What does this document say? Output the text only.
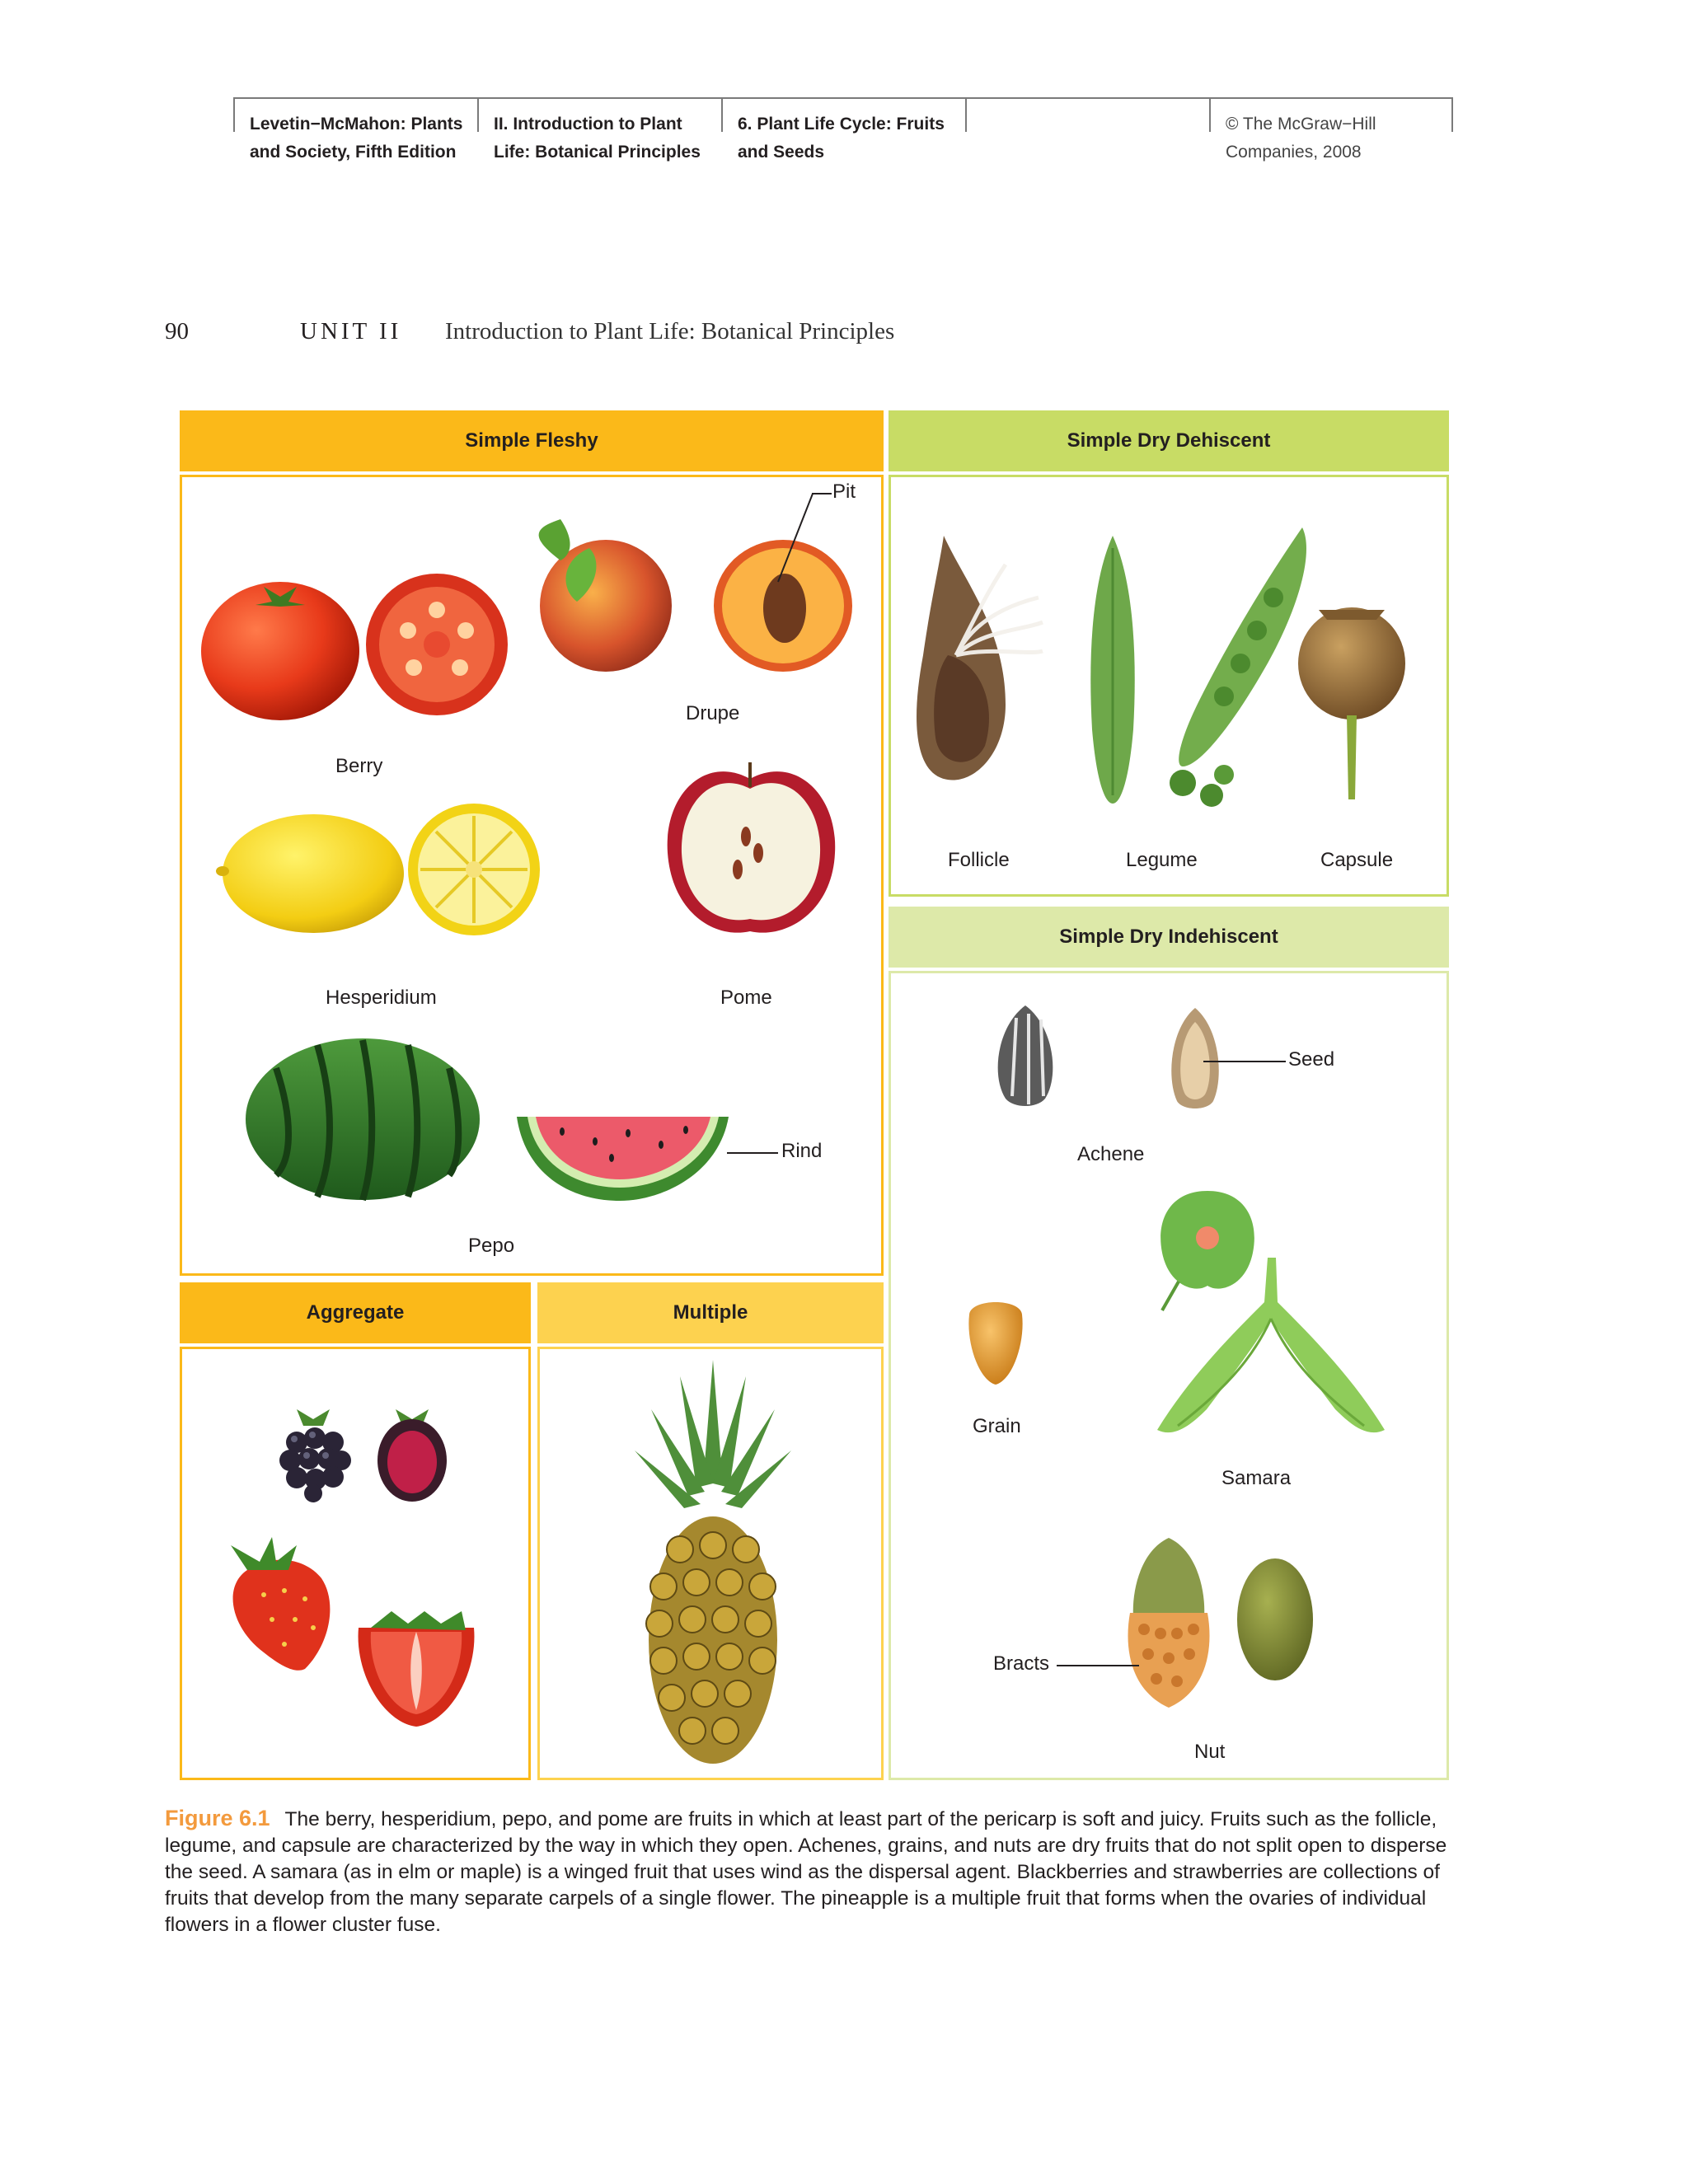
Levetin−McMahon: Plants
and Society, Fifth Edition
II. Introduction to Plant
Life: Botanical Principles
6. Plant Life Cycle: Fruits
and Seeds
© The McGraw−Hill
Companies, 2008
90	UNIT II Introduction to Plant Life: Botanical Principles
Simple Fleshy
Pit
Drupe
Berry
Hesperidium	Pome
Rind
Pepo
Simple Dry Dehiscent
Follicle	Legume	Capsule
Simple Dry Indehiscent
Seed
Achene
Grain
Samara
Bracts
Nut
Aggregate	Multiple
Figure 6.1 The berry, hesperidium, pepo, and pome are fruits in which at least part of the pericarp is soft and juicy. Fruits such as the follicle, legume, and capsule are characterized by the way in which they open. Achenes, grains, and nuts are dry fruits that do not split open to disperse the seed. A samara (as in elm or maple) is a winged fruit that uses wind as the dispersal agent. Blackberries and strawberries are collections of fruits that develop from the many separate carpels of a single flower. The pineapple is a multiple fruit that forms when the ovaries of individual flowers in a flower cluster fuse.
